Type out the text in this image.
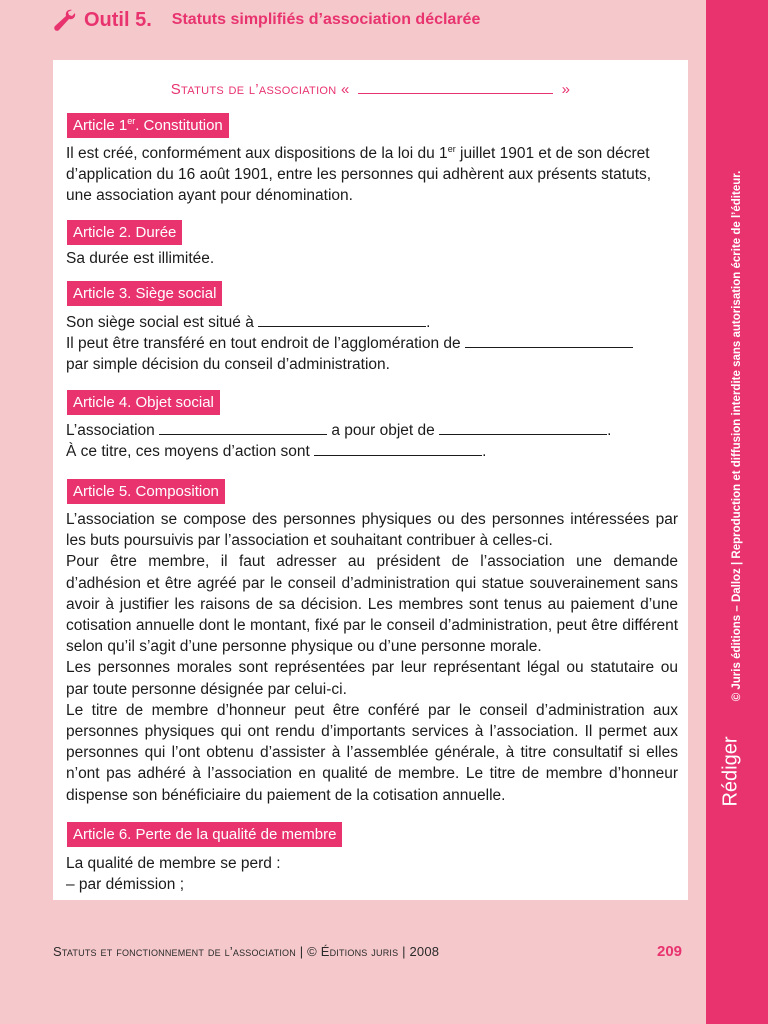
© Juris éditions – Dalloz | Reproduction et diffusion interdite sans autorisation écrite de l’éditeur.
Rédiger
Outil 5. Statuts simplifiés d’association déclarée
Statuts de l’association «	»
Article 1er. Constitution

Il est créé, conformément aux dispositions de la loi du 1er juillet 1901 et de son décret

d’application du 16 août 1901, entre les personnes qui adhèrent aux présents statuts,

une association ayant pour dénomination.

Article 2. Durée

Sa durée est illimitée.

Article 3. Siège social

Son siège social est situé à	.

Il peut être transféré en tout endroit de l’agglomération de

par simple décision du conseil d’administration.

Article 4. Objet social

L’association	a pour objet de	.

À ce titre, ces moyens d’action sont	.

Article 5. Composition

L’association se compose des personnes physiques ou des personnes intéressées par les buts poursuivis par l’association et souhaitant contribuer à celles-ci.

Pour être membre, il faut adresser au président de l’association une demande d’adhésion et être agréé par le conseil d’administration qui statue souverainement sans avoir à justifier les raisons de sa décision. Les membres sont tenus au paiement d’une cotisation annuelle dont le montant, fixé par le conseil d’administration, peut être différent selon qu’il s’agit d’une personne physique ou d’une personne morale.

Les personnes morales sont représentées par leur représentant légal ou statutaire ou par toute personne désignée par celui-ci.

Le titre de membre d’honneur peut être conféré par le conseil d’administration aux personnes physiques qui ont rendu d’importants services à l’association. Il permet aux personnes qui l’ont obtenu d’assister à l’assemblée générale, à titre consultatif si elles n’ont pas adhéré à l’association en qualité de membre. Le titre de membre d’honneur dispense son bénéficiaire du paiement de la cotisation annuelle.

Article 6. Perte de la qualité de membre

La qualité de membre se perd :

– par démission ;

Statuts et fonctionnement de l’association | © Éditions juris | 2008	209
